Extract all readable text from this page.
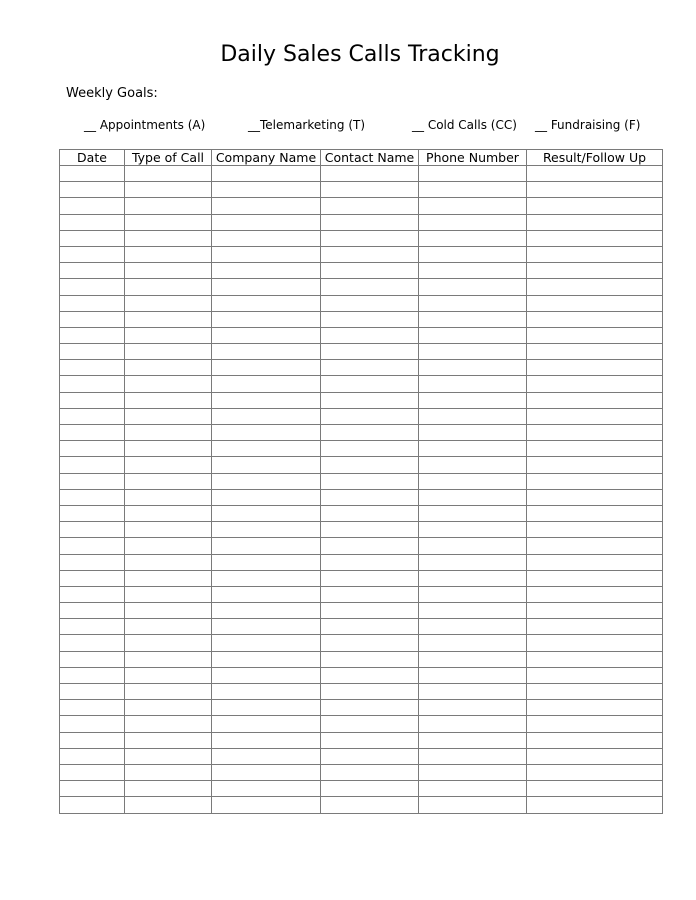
Daily Sales Calls Tracking
Weekly Goals:
__ Appointments (A)	__Telemarketing (T)	__ Cold Calls (CC) __ Fundraising (F)
Date	Type of Call	Company Name	Contact Name	Phone Number	Result/Follow Up
